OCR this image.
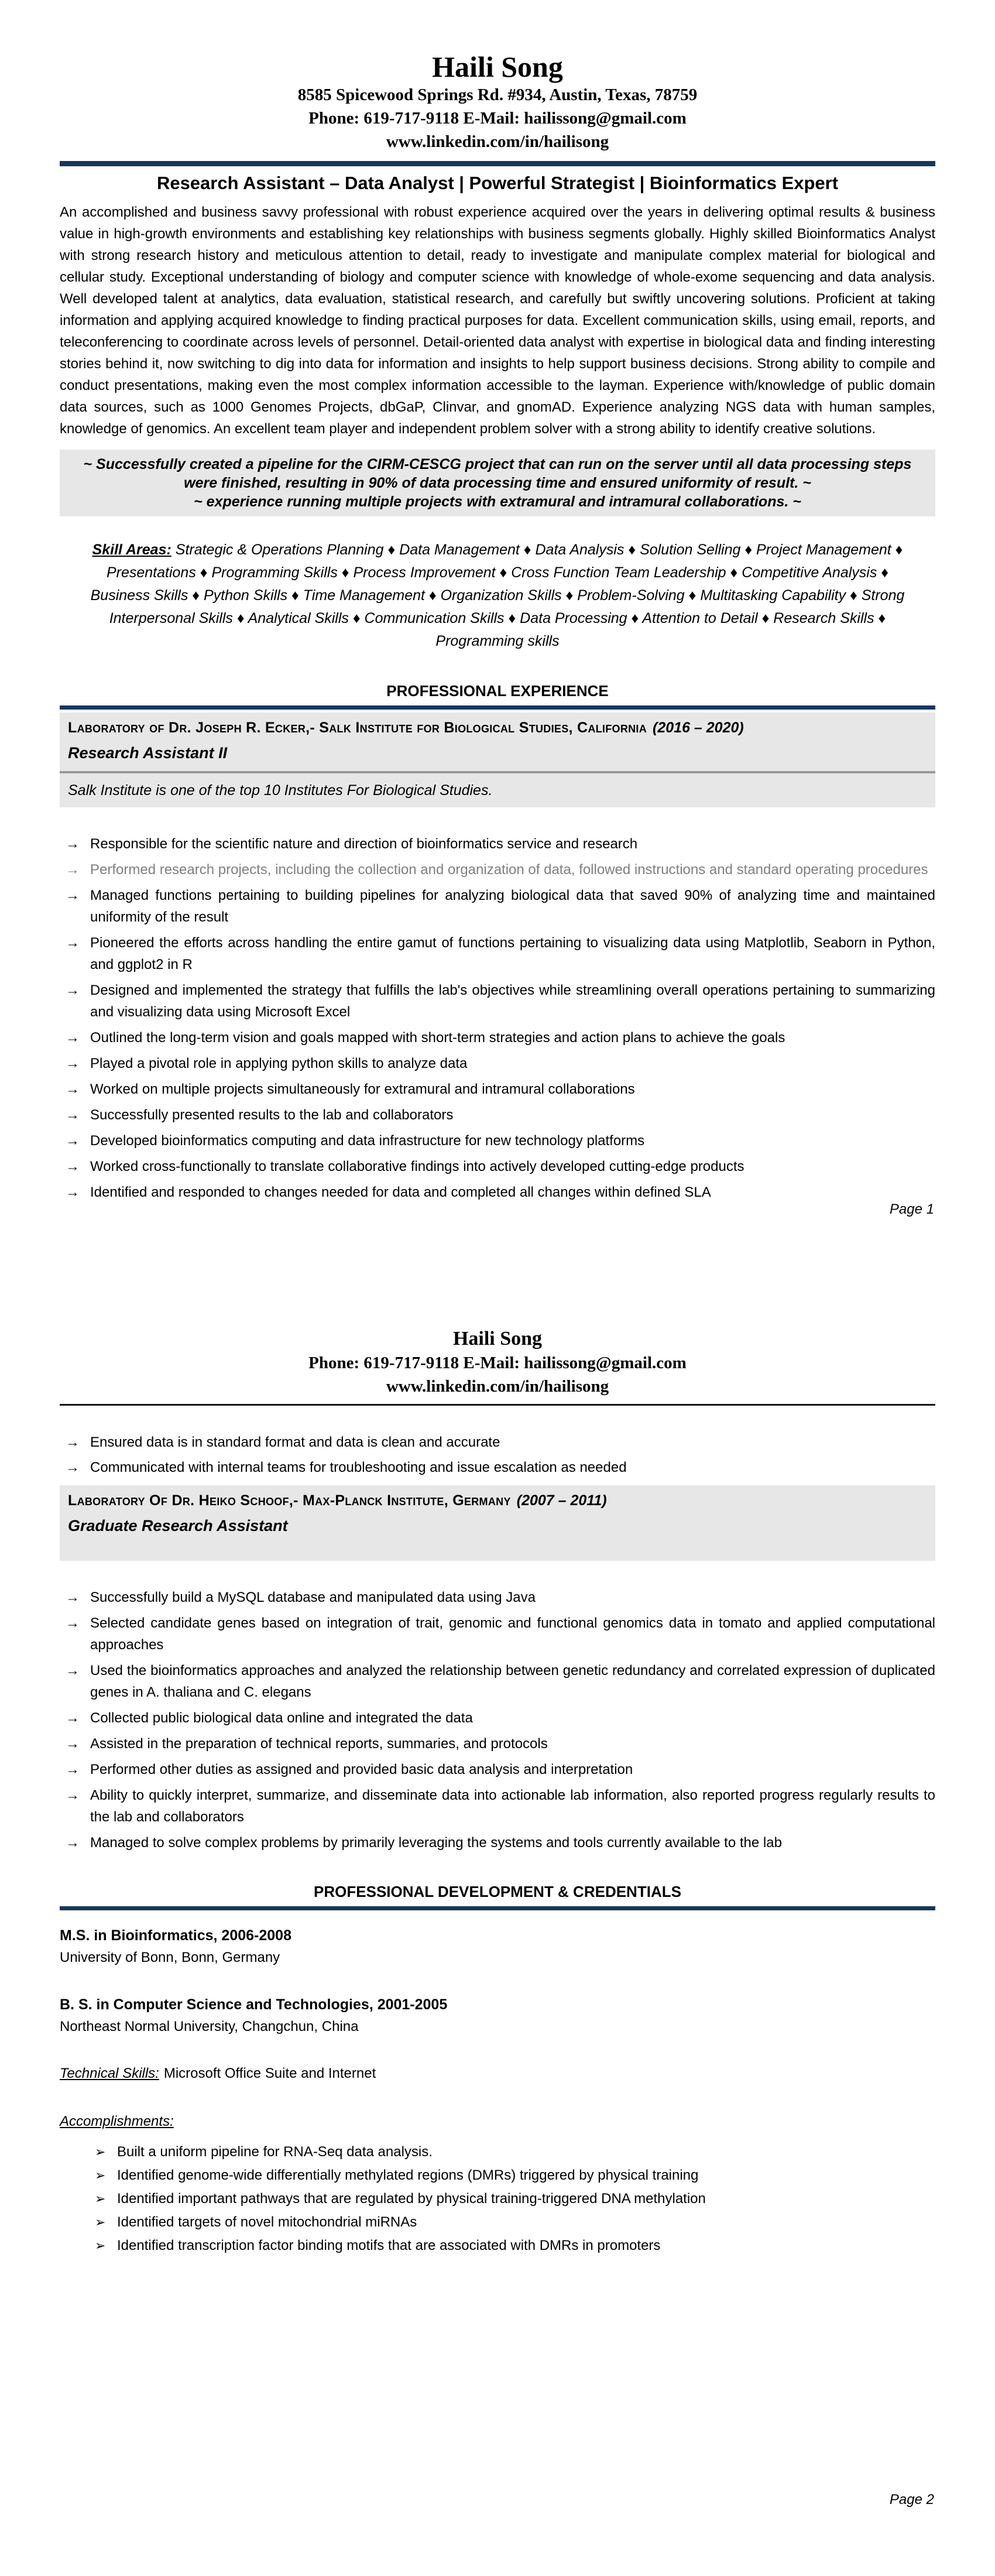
Haili Song
8585 Spicewood Springs Rd. #934, Austin, Texas, 78759
Phone: 619-717-9118 E-Mail: hailissong@gmail.com
www.linkedin.com/in/hailisong
Research Assistant – Data Analyst | Powerful Strategist | Bioinformatics Expert
An accomplished and business savvy professional with robust experience acquired over the years in delivering optimal results & business value in high-growth environments and establishing key relationships with business segments globally. Highly skilled Bioinformatics Analyst with strong research history and meticulous attention to detail, ready to investigate and manipulate complex material for biological and cellular study. Exceptional understanding of biology and computer science with knowledge of whole-exome sequencing and data analysis. Well developed talent at analytics, data evaluation, statistical research, and carefully but swiftly uncovering solutions. Proficient at taking information and applying acquired knowledge to finding practical purposes for data. Excellent communication skills, using email, reports, and teleconferencing to coordinate across levels of personnel. Detail-oriented data analyst with expertise in biological data and finding interesting stories behind it, now switching to dig into data for information and insights to help support business decisions. Strong ability to compile and conduct presentations, making even the most complex information accessible to the layman. Experience with/knowledge of public domain data sources, such as 1000 Genomes Projects, dbGaP, Clinvar, and gnomAD. Experience analyzing NGS data with human samples, knowledge of genomics. An excellent team player and independent problem solver with a strong ability to identify creative solutions.
~ Successfully created a pipeline for the CIRM-CESCG project that can run on the server until all data processing steps were finished, resulting in 90% of data processing time and ensured uniformity of result. ~
~ experience running multiple projects with extramural and intramural collaborations. ~
Skill Areas: Strategic & Operations Planning ♦ Data Management ♦ Data Analysis ♦ Solution Selling ♦ Project Management ♦ Presentations ♦ Programming Skills ♦ Process Improvement ♦ Cross Function Team Leadership ♦ Competitive Analysis ♦ Business Skills ♦ Python Skills ♦ Time Management ♦ Organization Skills ♦ Problem-Solving ♦ Multitasking Capability ♦ Strong Interpersonal Skills ♦ Analytical Skills ♦ Communication Skills ♦ Data Processing ♦ Attention to Detail ♦ Research Skills ♦ Programming skills
PROFESSIONAL EXPERIENCE
Laboratory of Dr. Joseph R. Ecker,- Salk Institute for Biological Studies, California (2016 – 2020)
Research Assistant II
Salk Institute is one of the top 10 Institutes For Biological Studies.
→ Responsible for the scientific nature and direction of bioinformatics service and research
→ Performed research projects, including the collection and organization of data, followed instructions and standard operating procedures
→ Managed functions pertaining to building pipelines for analyzing biological data that saved 90% of analyzing time and maintained uniformity of the result
→ Pioneered the efforts across handling the entire gamut of functions pertaining to visualizing data using Matplotlib, Seaborn in Python, and ggplot2 in R
→ Designed and implemented the strategy that fulfills the lab's objectives while streamlining overall operations pertaining to summarizing and visualizing data using Microsoft Excel
→ Outlined the long-term vision and goals mapped with short-term strategies and action plans to achieve the goals
→ Played a pivotal role in applying python skills to analyze data
→ Worked on multiple projects simultaneously for extramural and intramural collaborations
→ Successfully presented results to the lab and collaborators
→ Developed bioinformatics computing and data infrastructure for new technology platforms
→ Worked cross-functionally to translate collaborative findings into actively developed cutting-edge products
→ Identified and responded to changes needed for data and completed all changes within defined SLA
Page 1
Haili Song
Phone: 619-717-9118 E-Mail: hailissong@gmail.com
www.linkedin.com/in/hailisong
→ Ensured data is in standard format and data is clean and accurate
→ Communicated with internal teams for troubleshooting and issue escalation as needed
Laboratory Of Dr. Heiko Schoof,- Max-Planck Institute, Germany (2007 – 2011)
Graduate Research Assistant
→ Successfully build a MySQL database and manipulated data using Java
→ Selected candidate genes based on integration of trait, genomic and functional genomics data in tomato and applied computational approaches
→ Used the bioinformatics approaches and analyzed the relationship between genetic redundancy and correlated expression of duplicated genes in A. thaliana and C. elegans
→ Collected public biological data online and integrated the data
→ Assisted in the preparation of technical reports, summaries, and protocols
→ Performed other duties as assigned and provided basic data analysis and interpretation
→ Ability to quickly interpret, summarize, and disseminate data into actionable lab information, also reported progress regularly results to the lab and collaborators
→ Managed to solve complex problems by primarily leveraging the systems and tools currently available to the lab
PROFESSIONAL DEVELOPMENT & CREDENTIALS
M.S. in Bioinformatics, 2006-2008
University of Bonn, Bonn, Germany
B. S. in Computer Science and Technologies, 2001-2005
Northeast Normal University, Changchun, China
Technical Skills: Microsoft Office Suite and Internet
Accomplishments:
➢ Built a uniform pipeline for RNA-Seq data analysis.
➢ Identified genome-wide differentially methylated regions (DMRs) triggered by physical training
➢ Identified important pathways that are regulated by physical training-triggered DNA methylation
➢ Identified targets of novel mitochondrial miRNAs
➢ Identified transcription factor binding motifs that are associated with DMRs in promoters
Page 2
